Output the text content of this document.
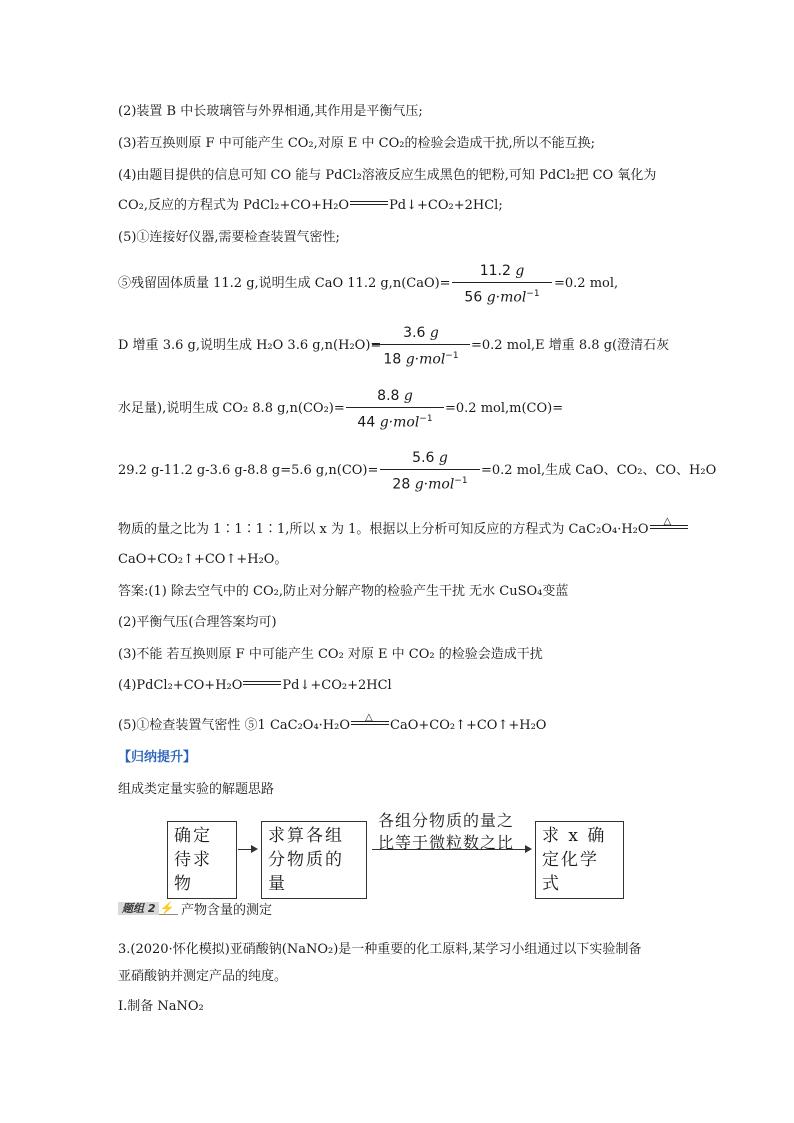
(2)装置 B 中长玻璃管与外界相通,其作用是平衡气压;
(3)若互换则原 F 中可能产生 CO₂,对原 E 中 CO₂的检验会造成干扰,所以不能互换;
(4)由题目提供的信息可知 CO 能与 PdCl₂溶液反应生成黑色的钯粉,可知 PdCl₂把 CO 氧化为
CO₂,反应的方程式为 PdCl₂+CO+H₂O	Pd↓+CO₂+2HCl;
(5)①连接好仪器,需要检查装置气密性;
⑤残留固体质量 11.2 g,说明生成 CaO 11.2 g,n(CaO)=
11.2 g
56 g·mol$^{-1}$
=0.2 mol,
D 增重 3.6 g,说明生成 H₂O 3.6 g,n(H₂O)=
3.6 g
18 g·mol$^{-1}$
=0.2 mol,E 增重 8.8 g(澄清石灰
水足量),说明生成 CO₂ 8.8 g,n(CO₂)=
8.8 g
44 g·mol$^{-1}$
=0.2 mol,m(CO)=
29.2 g-11.2 g-3.6 g-8.8 g=5.6 g,n(CO)=
5.6 g
28 g·mol$^{-1}$
=0.2 mol,生成 CaO、CO₂、CO、H₂O
物质的量之比为 1∶1∶1∶1,所以 x 为 1。根据以上分析可知反应的方程式为 CaC₂O₄·H₂O
△
CaO+CO₂↑+CO↑+H₂O。
答案:(1) 除去空气中的 CO₂,防止对分解产物的检验产生干扰 无水 CuSO₄变蓝
(2)平衡气压(合理答案均可)
(3)不能 若互换则原 F 中可能产生 CO₂ 对原 E 中 CO₂ 的检验会造成干扰
(4)PdCl₂+CO+H₂O	Pd↓+CO₂+2HCl
(5)①检查装置气密性 ⑤1 CaC₂O₄·H₂O
△
CaO+CO₂↑+CO↑+H₂O
【归纳提升】
组成类定量实验的解题思路
确定待求物
求算各组分物质的量
各组分物质的量之
比等于微粒数之比	求 x 确定化学式
题组 2 ⚡ 产物含量的测定
3.(2020·怀化模拟)亚硝酸钠(NaNO₂)是一种重要的化工原料,某学习小组通过以下实验制备
亚硝酸钠并测定产品的纯度。
Ⅰ.制备 NaNO₂
